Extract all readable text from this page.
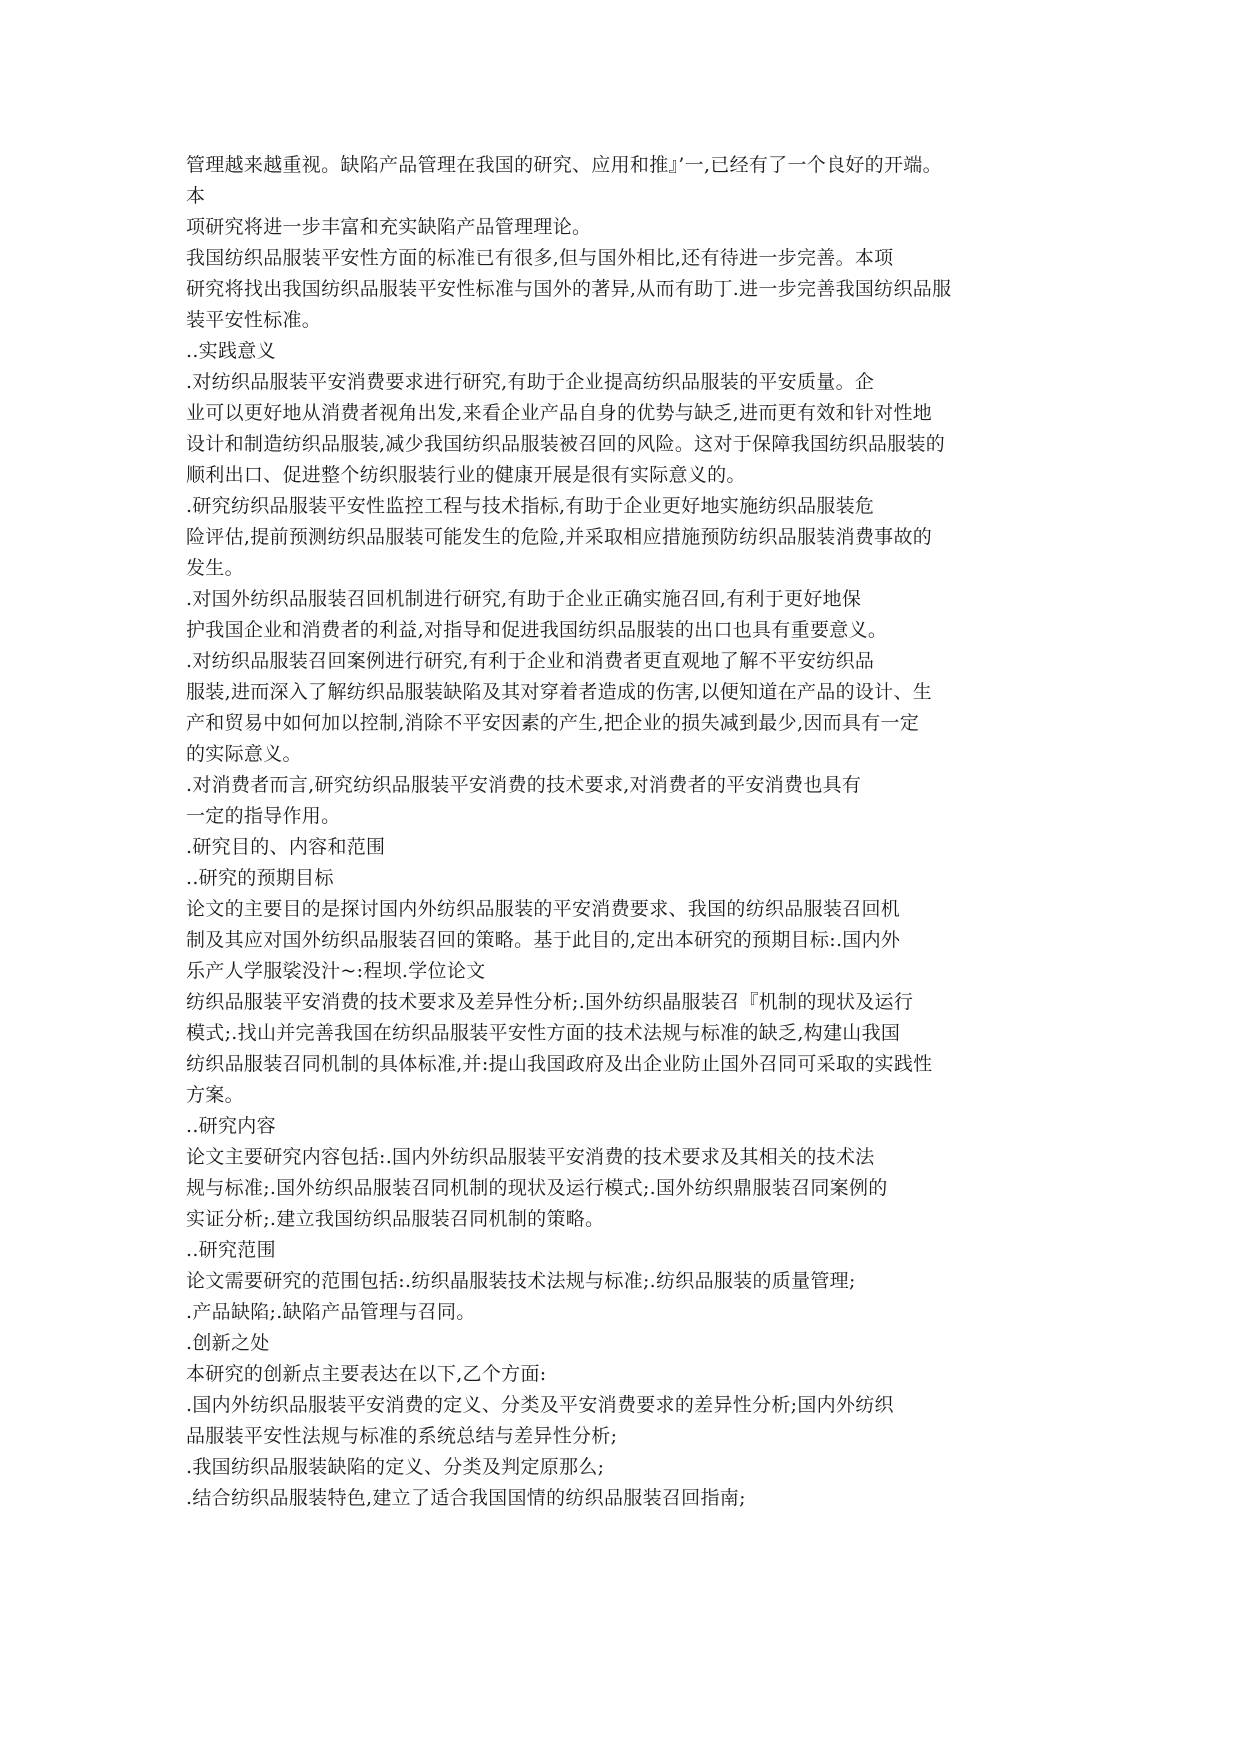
管理越来越重视。缺陷产品管理在我国的研究、应用和推』’一,已经有了一个良好的开端。
本
项研究将进一步丰富和充实缺陷产品管理理论。
我国纺织品服装平安性方面的标准已有很多,但与国外相比,还有待进一步完善。本项
研究将找出我国纺织品服装平安性标准与国外的著异,从而有助丁.进一步完善我国纺织品服
装平安性标准。
..实践意义
.对纺织品服装平安消费要求进行研究,有助于企业提高纺织品服装的平安质量。企
业可以更好地从消费者视角出发,来看企业产品自身的优势与缺乏,进而更有效和针对性地
设计和制造纺织品服装,减少我国纺织品服装被召回的风险。这对于保障我国纺织品服装的
顺利出口、促进整个纺织服装行业的健康开展是很有实际意义的。
.研究纺织品服装平安性监控工程与技术指标,有助于企业更好地实施纺织品服装危
险评估,提前预测纺织品服装可能发生的危险,并采取相应措施预防纺织品服装消费事故的
发生。
.对国外纺织品服装召回机制进行研究,有助于企业正确实施召回,有利于更好地保
护我国企业和消费者的利益,对指导和促进我国纺织品服装的出口也具有重要意义。
.对纺织品服装召回案例进行研究,有利于企业和消费者更直观地了解不平安纺织品
服装,进而深入了解纺织品服装缺陷及其对穿着者造成的伤害,以便知道在产品的设计、生
产和贸易中如何加以控制,消除不平安因素的产生,把企业的损失减到最少,因而具有一定
的实际意义。
.对消费者而言,研究纺织品服装平安消费的技术要求,对消费者的平安消费也具有
一定的指导作用。
.研究目的、内容和范围
..研究的预期目标
论文的主要目的是探讨国内外纺织品服装的平安消费要求、我国的纺织品服装召回机
制及其应对国外纺织品服装召回的策略。基于此目的,定出本研究的预期目标:.国内外
乐产人学服裟没汁~:程坝.学位论文
纺织品服装平安消费的技术要求及差异性分析;.国外纺织晶服装召『机制的现状及运行
模式;.找山并完善我国在纺织品服装平安性方面的技术法规与标准的缺乏,构建山我国
纺织品服装召同机制的具体标准,并:提山我国政府及出企业防止国外召同可采取的实践性
方案。
..研究内容
论文主要研究内容包括:.国内外纺织品服装平安消费的技术要求及其相关的技术法
规与标准;.国外纺织品服装召同机制的现状及运行模式;.国外纺织鼎服装召同案例的
实证分析;.建立我国纺织品服装召同机制的策略。
..研究范围
论文需要研究的范围包括:.纺织晶服装技术法规与标准;.纺织品服装的质量管理;
.产品缺陷;.缺陷产品管理与召同。
.创新之处
本研究的创新点主要表达在以下,乙个方面:
.国内外纺织品服装平安消费的定义、分类及平安消费要求的差异性分析;国内外纺织
品服装平安性法规与标准的系统总结与差异性分析;
.我国纺织品服装缺陷的定义、分类及判定原那么;
.结合纺织品服装特色,建立了适合我国国情的纺织品服装召回指南;
